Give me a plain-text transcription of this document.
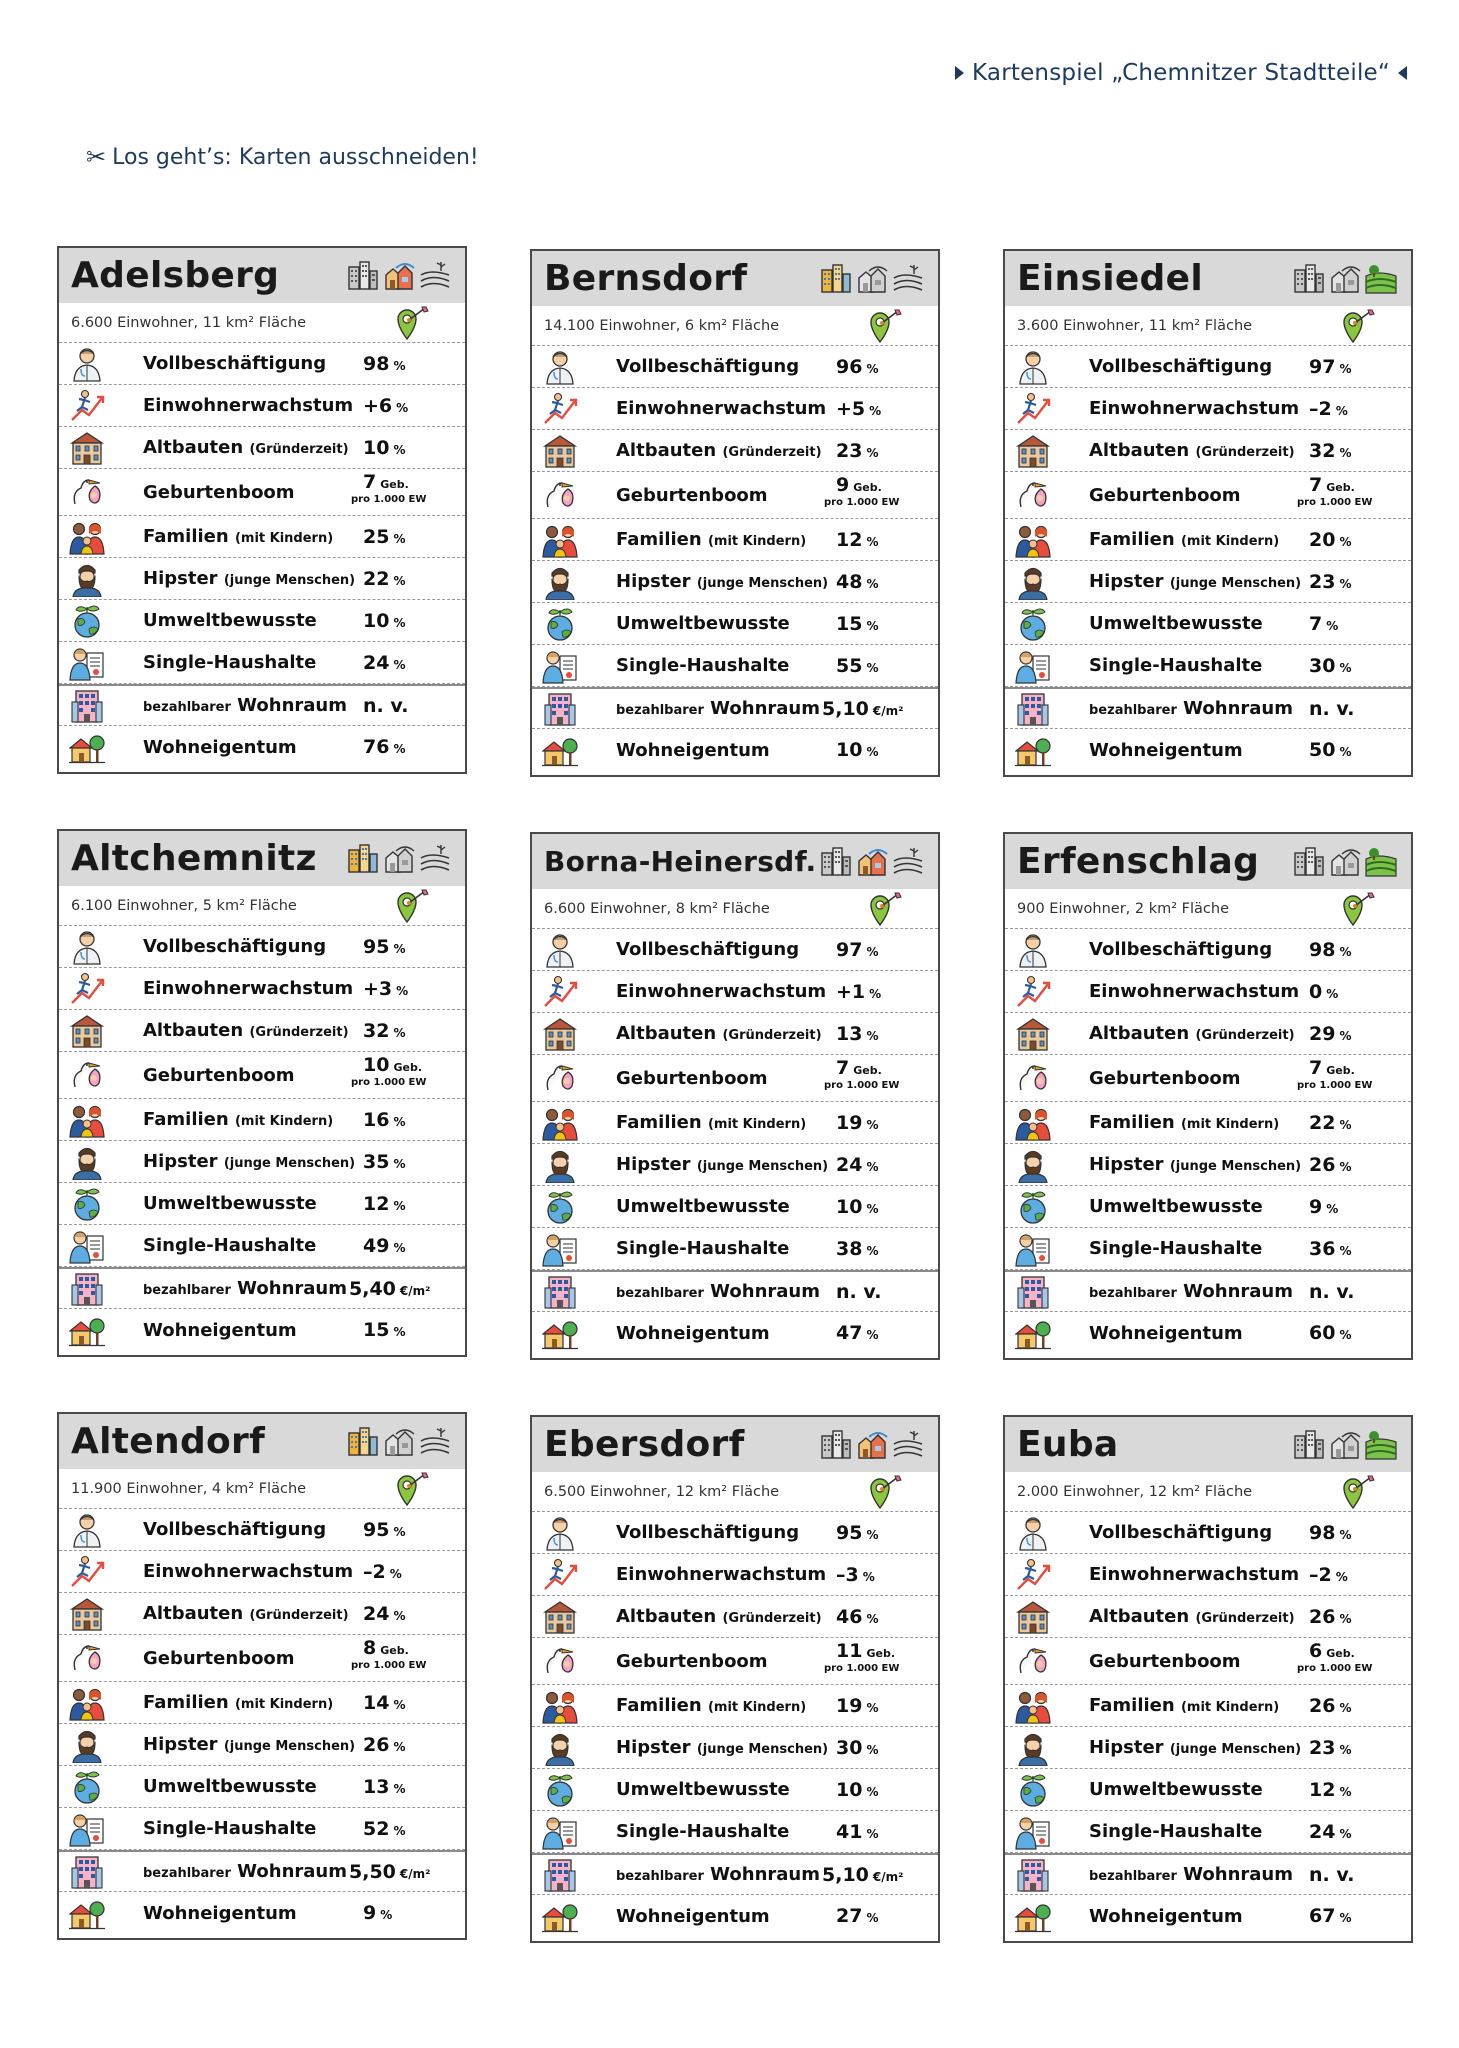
Kartenspiel „Chemnitzer Stadtteile“
✂ Los geht’s: Karten ausschneiden!
Adelsberg
6.600 Einwohner, 11 km² Fläche
Vollbeschäftigung	98 %
Einwohnerwachstum +6 %
Altbauten (Gründerzeit) 10 %
Geburtenboom	7 Geb.
pro 1.000 EW
Familien (mit Kindern)	25 %
Hipster (junge Menschen) 22 %
Umweltbewusste	10 %
Single-Haushalte	24 %
bezahlbarer Wohnraum n. v.
Wohneigentum	76 %
Bernsdorf
14.100 Einwohner, 6 km² Fläche
Vollbeschäftigung	96 %
Einwohnerwachstum +5 %
Altbauten (Gründerzeit) 23 %
Geburtenboom	9 Geb.
pro 1.000 EW
Familien (mit Kindern)	12 %
Hipster (junge Menschen) 48 %
Umweltbewusste	15 %
Single-Haushalte	55 %
bezahlbarer Wohnraum 5,10 €/m²
Wohneigentum	10 %
Einsiedel
3.600 Einwohner, 11 km² Fläche
Vollbeschäftigung	97 %
Einwohnerwachstum –2 %
Altbauten (Gründerzeit) 32 %
Geburtenboom	7 Geb.
pro 1.000 EW
Familien (mit Kindern)	20 %
Hipster (junge Menschen) 23 %
Umweltbewusste	7 %
Single-Haushalte	30 %
bezahlbarer Wohnraum n. v.
Wohneigentum	50 %
Altchemnitz
6.100 Einwohner, 5 km² Fläche
Vollbeschäftigung	95 %
Einwohnerwachstum +3 %
Altbauten (Gründerzeit) 32 %
Geburtenboom	10 Geb.
pro 1.000 EW
Familien (mit Kindern)	16 %
Hipster (junge Menschen) 35 %
Umweltbewusste	12 %
Single-Haushalte	49 %
bezahlbarer Wohnraum 5,40 €/m²
Wohneigentum	15 %
Borna-Heinersdf.
6.600 Einwohner, 8 km² Fläche
Vollbeschäftigung	97 %
Einwohnerwachstum +1 %
Altbauten (Gründerzeit) 13 %
Geburtenboom	7 Geb.
pro 1.000 EW
Familien (mit Kindern)	19 %
Hipster (junge Menschen) 24 %
Umweltbewusste	10 %
Single-Haushalte	38 %
bezahlbarer Wohnraum n. v.
Wohneigentum	47 %
Erfenschlag
900 Einwohner, 2 km² Fläche
Vollbeschäftigung	98 %
Einwohnerwachstum 0 %
Altbauten (Gründerzeit) 29 %
Geburtenboom	7 Geb.
pro 1.000 EW
Familien (mit Kindern)	22 %
Hipster (junge Menschen) 26 %
Umweltbewusste	9 %
Single-Haushalte	36 %
bezahlbarer Wohnraum n. v.
Wohneigentum	60 %
Altendorf
11.900 Einwohner, 4 km² Fläche
Vollbeschäftigung	95 %
Einwohnerwachstum –2 %
Altbauten (Gründerzeit) 24 %
Geburtenboom	8 Geb.
pro 1.000 EW
Familien (mit Kindern)	14 %
Hipster (junge Menschen) 26 %
Umweltbewusste	13 %
Single-Haushalte	52 %
bezahlbarer Wohnraum 5,50 €/m²
Wohneigentum	9 %
Ebersdorf
6.500 Einwohner, 12 km² Fläche
Vollbeschäftigung	95 %
Einwohnerwachstum –3 %
Altbauten (Gründerzeit) 46 %
Geburtenboom	11 Geb.
pro 1.000 EW
Familien (mit Kindern)	19 %
Hipster (junge Menschen) 30 %
Umweltbewusste	10 %
Single-Haushalte	41 %
bezahlbarer Wohnraum 5,10 €/m²
Wohneigentum	27 %
Euba
2.000 Einwohner, 12 km² Fläche
Vollbeschäftigung	98 %
Einwohnerwachstum –2 %
Altbauten (Gründerzeit) 26 %
Geburtenboom	6 Geb.
pro 1.000 EW
Familien (mit Kindern)	26 %
Hipster (junge Menschen) 23 %
Umweltbewusste	12 %
Single-Haushalte	24 %
bezahlbarer Wohnraum n. v.
Wohneigentum	67 %
